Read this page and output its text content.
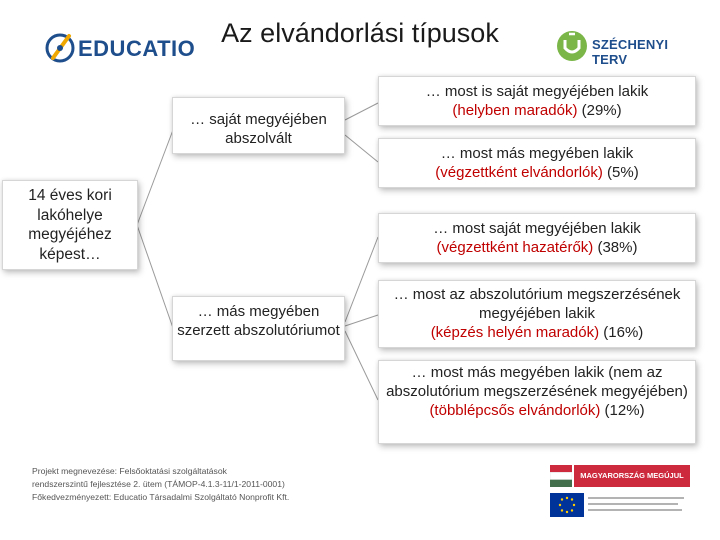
Az elvándorlási típusok
EDUCATIO	SZÉCHENYI TERV
14 éves kori lakóhelye megyéjéhez képest…
… saját megyéjében abszolvált
… más megyében szerzett abszolutóriumot
… most is saját megyéjében lakik
(helyben maradók) (29%)
… most más megyében lakik
(végzettként elvándorlók) (5%)
… most saját megyéjében lakik
(végzettként hazatérők) (38%)
… most az abszolutórium megszerzésének megyéjében lakik
(képzés helyén maradók) (16%)
… most más megyében lakik (nem az abszolutórium megszerzésének megyéjében)
(többlépcsős elvándorlók) (12%)
Projekt megnevezése: Felsőoktatási szolgáltatások
rendszerszintű fejlesztése 2. ütem (TÁMOP-4.1.3-11/1-2011-0001)
Főkedvezményezett: Educatio Társadalmi Szolgáltató Nonprofit Kft.
MAGYARORSZÁG MEGÚJUL
